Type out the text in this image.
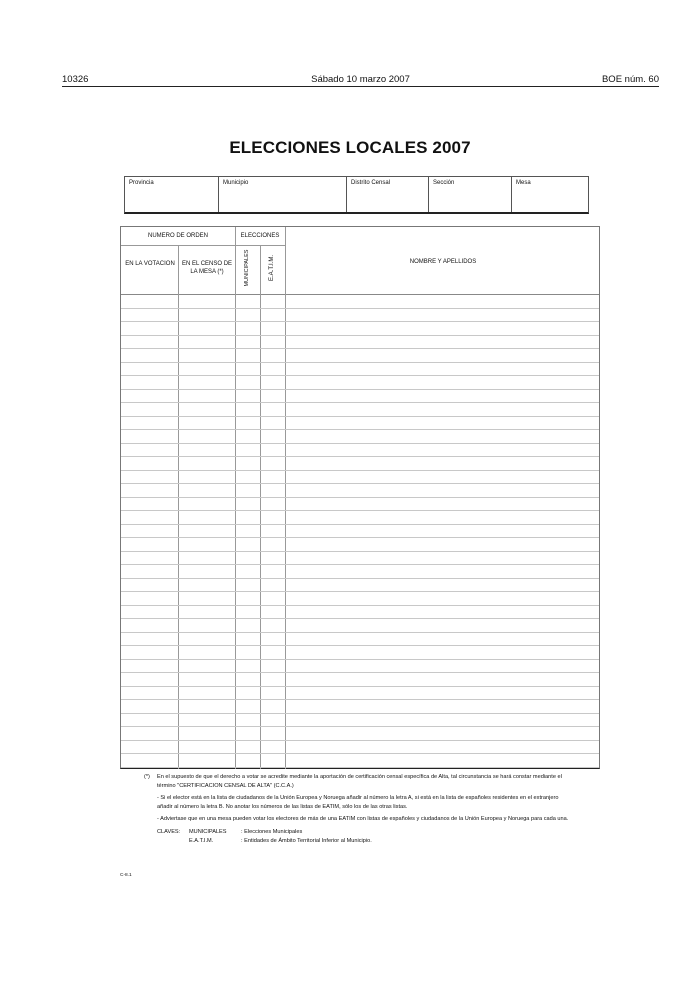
10326	Sábado 10 marzo 2007	BOE núm. 60
ELECCIONES LOCALES 2007
Provincia	Municipio	Distrito Censal	Sección	Mesa
NUMERO DE ORDEN	ELECCIONES
EN LA VOTACION	EN EL CENSO DE LA MESA (*)	MUNICIPALES	E.A.T.I.M.	NOMBRE Y APELLIDOS

(*) En el supuesto de que el derecho a votar se acredite mediante la aportación de certificación censal específica de Alta, tal circunstancia se hará constar mediante el término "CERTIFICACION CENSAL DE ALTA" (C.C.A.)

- Si el elector está en la lista de ciudadanos de la Unión Europea y Noruega añadir al número la letra A, si está en la lista de españoles residentes en el extranjero añadir al número la letra B. No anotar los números de las listas de EATIM, sólo los de las otras listas.

- Adviertase que en una mesa pueden votar los electores de más de una EATIM con listas de españoles y ciudadanos de la Unión Europea y Noruega para cada una.

CLAVES: MUNICIPALES	: Elecciones Municipales
E.A.T.I.M.	: Entidades de Ámbito Territorial Inferior al Municipio.
C-8.1
